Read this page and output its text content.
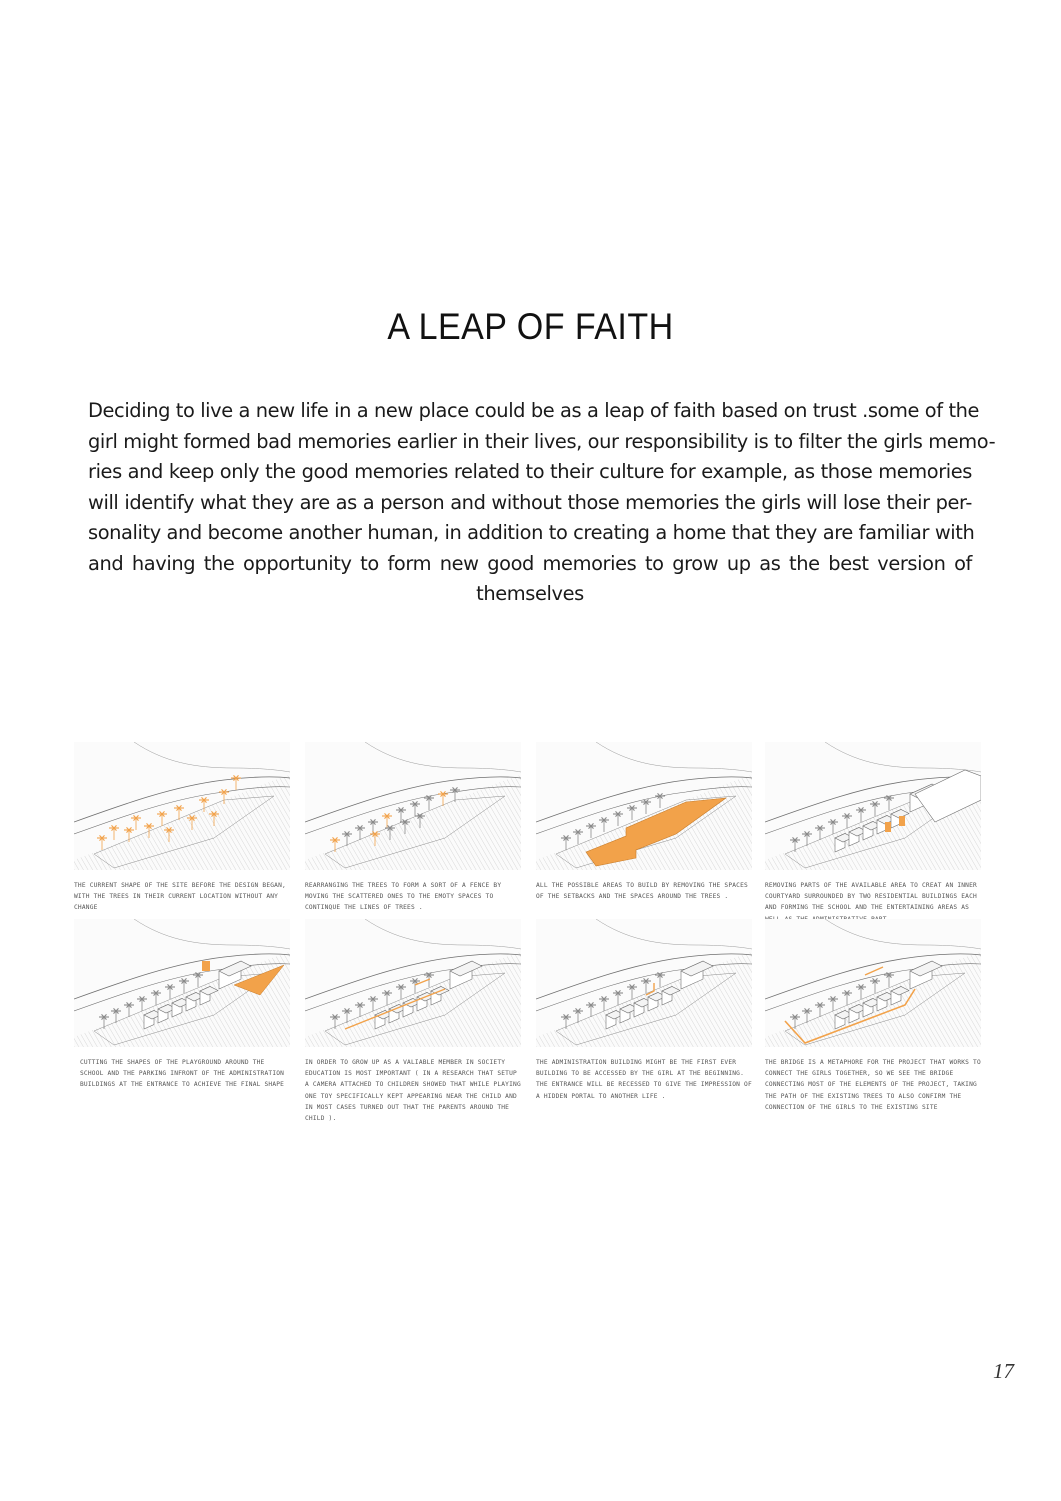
A LEAP OF FAITH

Deciding to live a new life in a new place could be as a leap of faith based on trust .some of the
girl might formed bad memories earlier in their lives, our responsibility is to filter the girls memo-
ries and keep only the good memories related to their culture for example, as those memories
will identify what they are as a person and without those memories the girls will lose their per-
sonality and become another human, in addition to creating a home that they are familiar with
and having the opportunity to form new good memories to grow up as the best version of
themselves

THE CURRENT SHAPE OF THE SITE BEFORE THE DESIGN BEGAN, WITH THE TREES IN THEIR CURRENT LOCATION WITHOUT ANY CHANGE
REARRANGING THE TREES TO FORM A SORT OF A FENCE BY MOVING THE SCATTERED ONES TO THE EMOTY SPACES TO CONTINQUE THE LINES OF TREES .
ALL THE POSSIBLE AREAS TO BUILD BY REMOVING THE SPACES OF THE SETBACKS AND THE SPACES AROUND THE TREES .
REMOVING PARTS OF THE AVAILABLE AREA TO CREAT AN INNER COURTYARD SURROUNDED BY TWO RESIDENTIAL BUILDINGS EACH AND FORMING THE SCHOOL AND THE ENTERTAINING AREAS AS WELL AS THE ADMINISTRATIVE PART.
CUTTING THE SHAPES OF THE PLAYGROUND AROUND THE SCHOOL AND THE PARKING INFRONT OF THE ADMINISTRATION BUILDINGS AT THE ENTRANCE TO ACHIEVE THE FINAL SHAPE
IN ORDER TO GROW UP AS A VALIABLE MEMBER IN SOCIETY EDUCATION IS MOST IMPORTANT ( IN A RESEARCH THAT SETUP A CAMERA ATTACHED TO CHILDREN SHOWED THAT WHILE PLAYING ONE TOY SPECIFICALLY KEPT APPEARING NEAR THE CHILD AND IN MOST CASES TURNED OUT THAT THE PARENTS AROUND THE CHILD ).
THE ADMINISTRATION BUILDING MIGHT BE THE FIRST EVER BUILDING TO BE ACCESSED BY THE GIRL AT THE BEGINNING. THE ENTRANCE WILL BE RECESSED TO GIVE THE IMPRESSION OF A HIDDEN PORTAL TO ANOTHER LIFE .
THE BRIDGE IS A METAPHORE FOR THE PROJECT THAT WORKS TO CONNECT THE GIRLS TOGETHER, SO WE SEE THE BRIDGE CONNECTING MOST OF THE ELEMENTS OF THE PROJECT, TAKING THE PATH OF THE EXISTING TREES TO ALSO CONFIRM THE CONNECTION OF THE GIRLS TO THE EXISTING SITE
17
